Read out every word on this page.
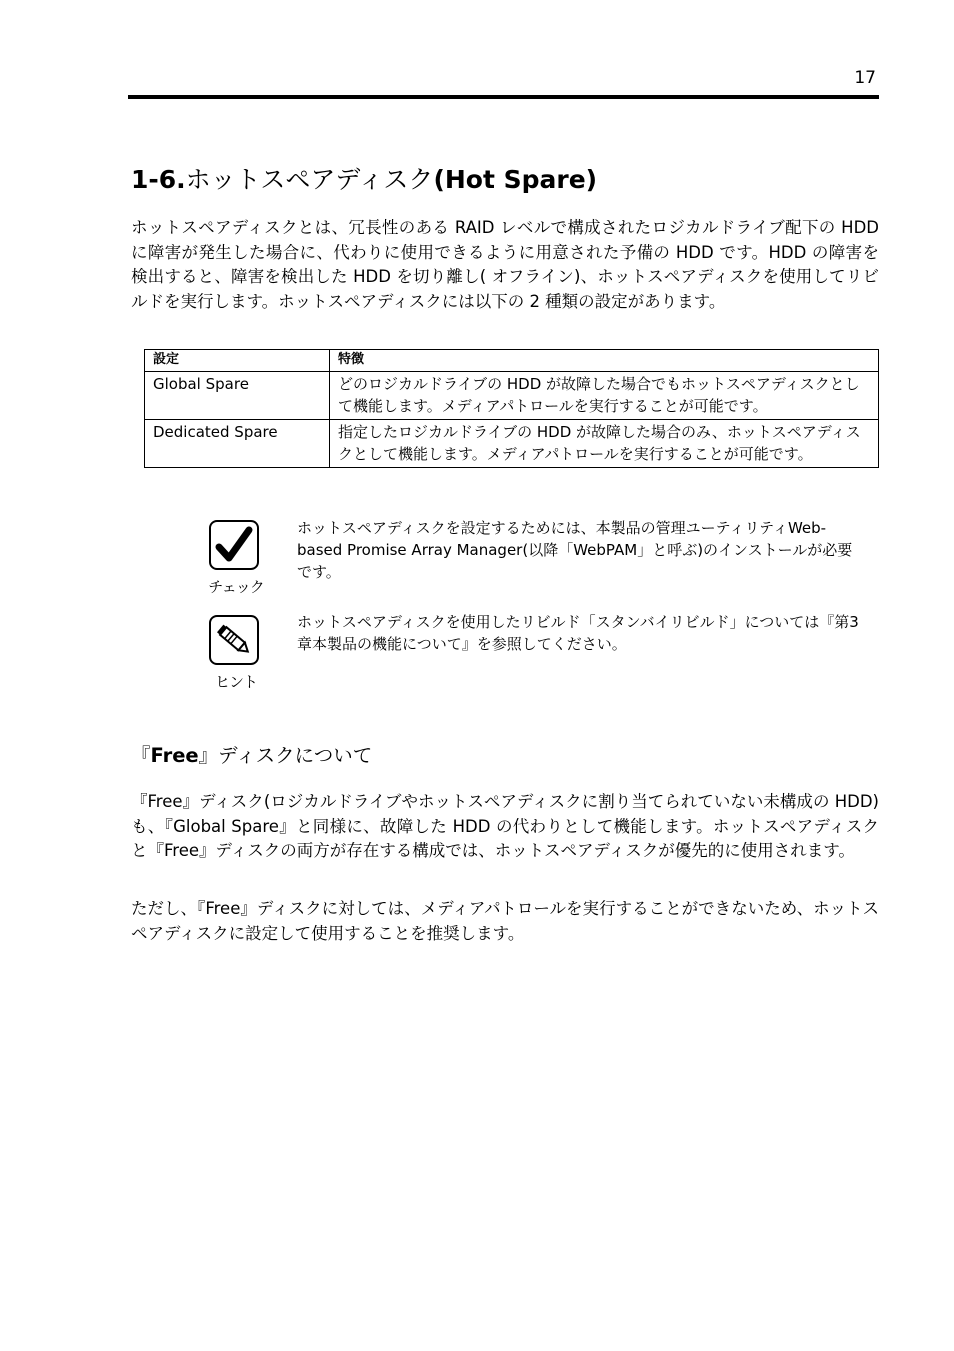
17
1-6.ホットスペアディスク(Hot Spare)
ホットスペアディスクとは、冗長性のある RAID レベルで構成されたロジカルドライブ配下の HDD に障害が発生した場合に、代わりに使用できるように用意された予備の HDD です。HDD の障害を検出すると、障害を検出した HDD を切り離し( オフライン)、ホットスペアディスクを使用してリビルドを実行します。ホットスペアディスクには以下の 2 種類の設定があります。
設定	特徴
Global Spare	どのロジカルドライブの HDD が故障した場合でもホットスペアディスクとして機能します。メディアパトロールを実行することが可能です。
Dedicated Spare	指定したロジカルドライブの HDD が故障した場合のみ、ホットスペアディスクとして機能します。メディアパトロールを実行することが可能です。
チェック
ホットスペアディスクを設定するためには、本製品の管理ユーティリティWeb-based Promise Array Manager(以降「WebPAM」と呼ぶ)のインストールが必要です。
ヒント
ホットスペアディスクを使用したリビルド「スタンバイリビルド」については『第3章本製品の機能について』を参照してください。
『Free』ディスクについて
『Free』ディスク(ロジカルドライブやホットスペアディスクに割り当てられていない未構成の HDD)も、『Global Spare』と同様に、故障した HDD の代わりとして機能します。ホットスペアディスクと『Free』ディスクの両方が存在する構成では、ホットスペアディスクが優先的に使用されます。
ただし、『Free』ディスクに対しては、メディアパトロールを実行することができないため、ホットスペアディスクに設定して使用することを推奨します。
